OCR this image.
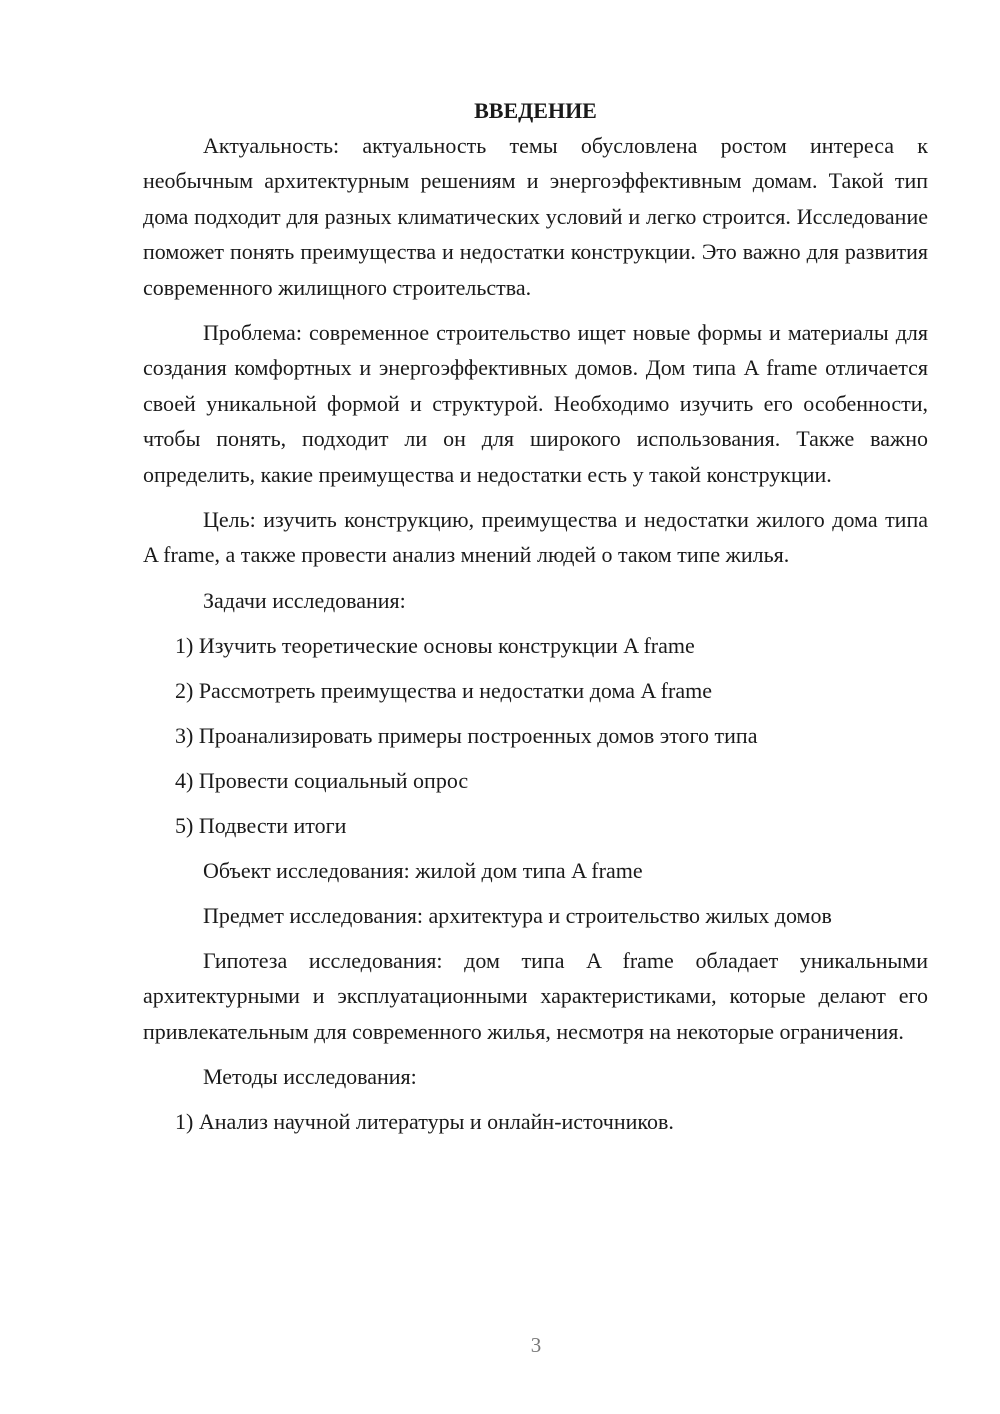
ВВЕДЕНИЕ

Актуальность: актуальность темы обусловлена ростом интереса к необычным архитектурным решениям и энергоэффективным домам. Такой тип дома подходит для разных климатических условий и легко строится. Исследование поможет понять преимущества и недостатки конструкции. Это важно для развития современного жилищного строительства.

Проблема: современное строительство ищет новые формы и материалы для создания комфортных и энергоэффективных домов. Дом типа A frame отличается своей уникальной формой и структурой. Необходимо изучить его особенности, чтобы понять, подходит ли он для широкого использования. Также важно определить, какие преимущества и недостатки есть у такой конструкции.

Цель: изучить конструкцию, преимущества и недостатки жилого дома типа A frame, а также провести анализ мнений людей о таком типе жилья.

Задачи исследования:
1) Изучить теоретические основы конструкции A frame
2) Рассмотреть преимущества и недостатки дома A frame
3) Проанализировать примеры построенных домов этого типа
4) Провести социальный опрос
5) Подвести итоги
Объект исследования: жилой дом типа A frame
Предмет исследования: архитектура и строительство жилых домов

Гипотеза исследования: дом типа A frame обладает уникальными архитектурными и эксплуатационными характеристиками, которые делают его привлекательным для современного жилья, несмотря на некоторые ограничения.

Методы исследования:
1) Анализ научной литературы и онлайн-источников.
3
